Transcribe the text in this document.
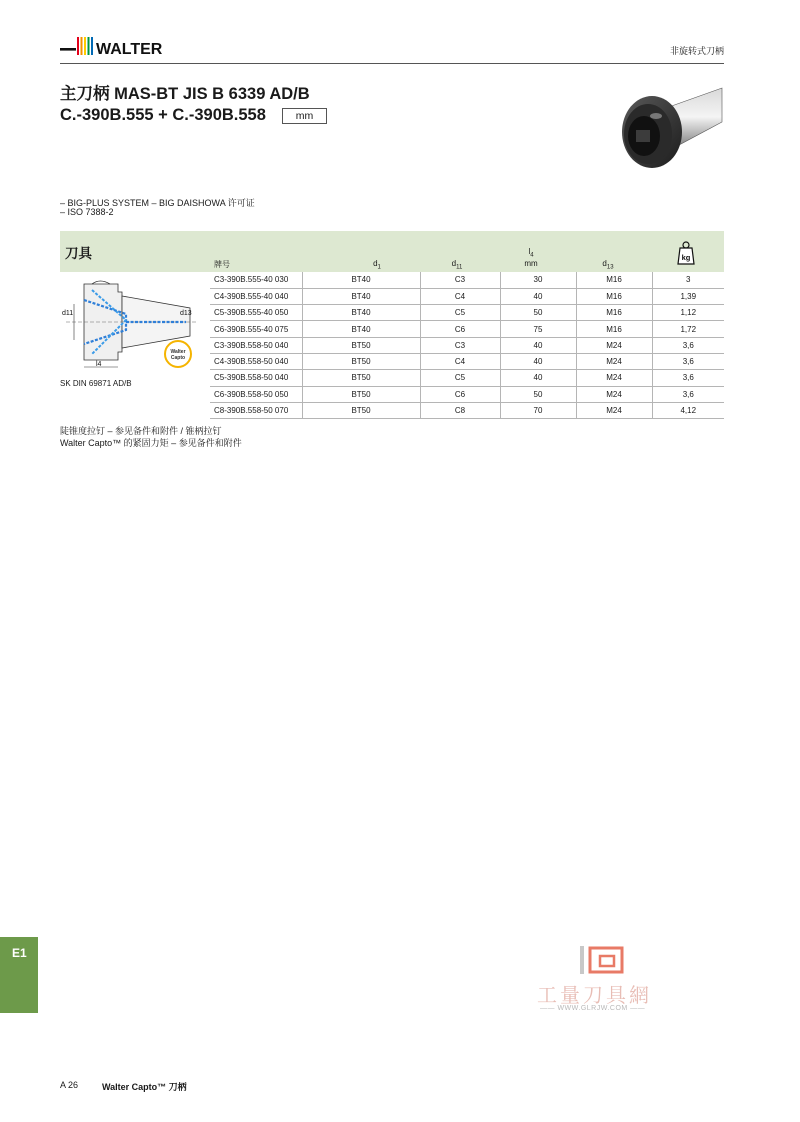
WALTER	非旋转式刀柄
主刀柄 MAS-BT JIS B 6339 AD/B
C.-390B.555 + C.-390B.558	mm
– BIG-PLUS SYSTEM – BIG DAISHOWA 许可证
– ISO 7388-2
刀具
牌号	$d_1$	$d_{11}$
$l_4$
mm	$d_{13}$
kg
d11	d13
l4
Walter
Capto
SK DIN 69871 AD/B
C3-390B.555-40 030	BT40	C3	30	M16	3
C4-390B.555-40 040	BT40	C4	40	M16	1,39
C5-390B.555-40 050	BT40	C5	50	M16	1,12
C6-390B.555-40 075	BT40	C6	75	M16	1,72
C3-390B.558-50 040	BT50	C3	40	M24	3,6
C4-390B.558-50 040	BT50	C4	40	M24	3,6
C5-390B.558-50 040	BT50	C5	40	M24	3,6
C6-390B.558-50 050	BT50	C6	50	M24	3,6
C8-390B.558-50 070	BT50	C8	70	M24	4,12
陡锥度拉钉 – 参见备件和附件 / 锥柄拉钉
Walter Capto™ 的紧固力矩 – 参见备件和附件
E1
工量刀具網
—— WWW.GLRJW.COM ——
A 26	Walter Capto™ 刀柄
